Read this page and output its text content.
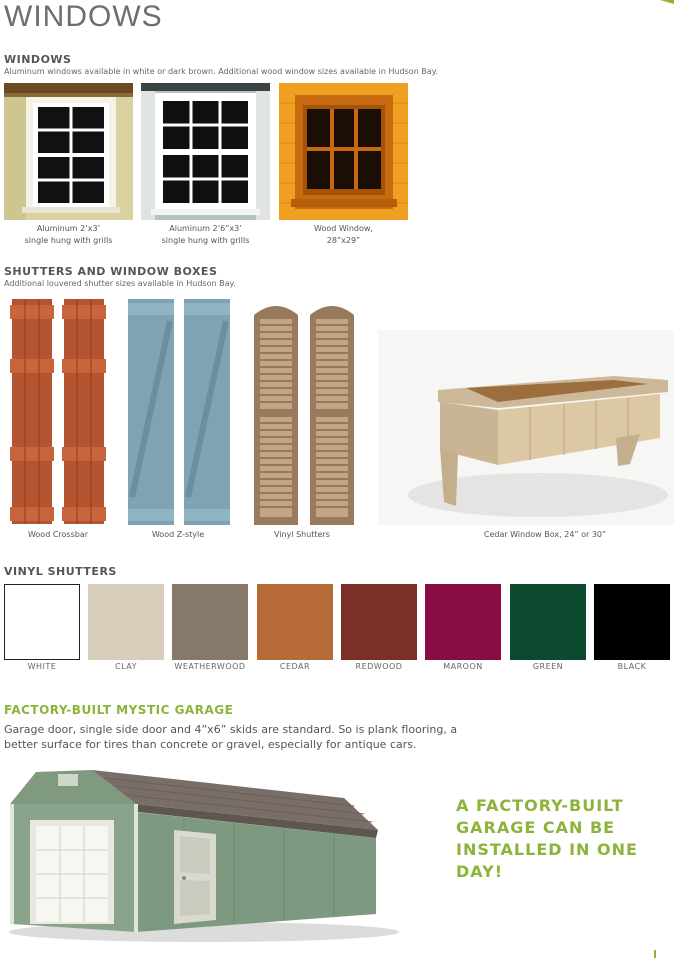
WINDOWS
WINDOWS
Aluminum windows available in white or dark brown. Additional wood window sizes available in Hudson Bay.
Aluminum 2’x3’
single hung with grills
Aluminum 2’6”x3’
single hung with grills
Wood Window,
28”x29”
SHUTTERS AND WINDOW BOXES
Additional louvered shutter sizes available in Hudson Bay.
Wood Crossbar	Wood Z-style	Vinyl Shutters	Cedar Window Box, 24” or 30”
VINYL SHUTTERS
WHITE	CLAY	WEATHERWOOD	CEDAR	REDWOOD	MAROON	GREEN	BLACK
FACTORY-BUILT MYSTIC GARAGE
Garage door, single side door and 4”x6” skids are standard. So is plank flooring, a better surface for tires than concrete or gravel, especially for antique cars.
A FACTORY-BUILT GARAGE CAN BE INSTALLED IN ONE DAY!
